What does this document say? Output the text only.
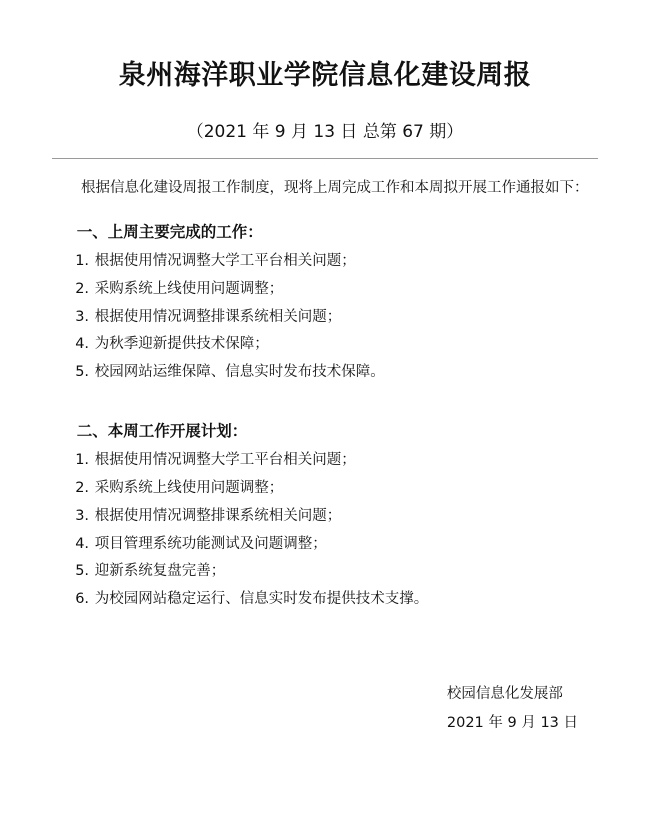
泉州海洋职业学院信息化建设周报
（2021 年 9 月 13 日 总第 67 期）

根据信息化建设周报工作制度，现将上周完成工作和本周拟开展工作通报如下：

一、上周主要完成的工作：
1. 根据使用情况调整大学工平台相关问题；
2. 采购系统上线使用问题调整；
3. 根据使用情况调整排课系统相关问题；
4. 为秋季迎新提供技术保障；
5. 校园网站运维保障、信息实时发布技术保障。
二、本周工作开展计划：
1. 根据使用情况调整大学工平台相关问题；
2. 采购系统上线使用问题调整；
3. 根据使用情况调整排课系统相关问题；
4. 项目管理系统功能测试及问题调整；
5. 迎新系统复盘完善；
6. 为校园网站稳定运行、信息实时发布提供技术支撑。
校园信息化发展部
2021 年 9 月 13 日
